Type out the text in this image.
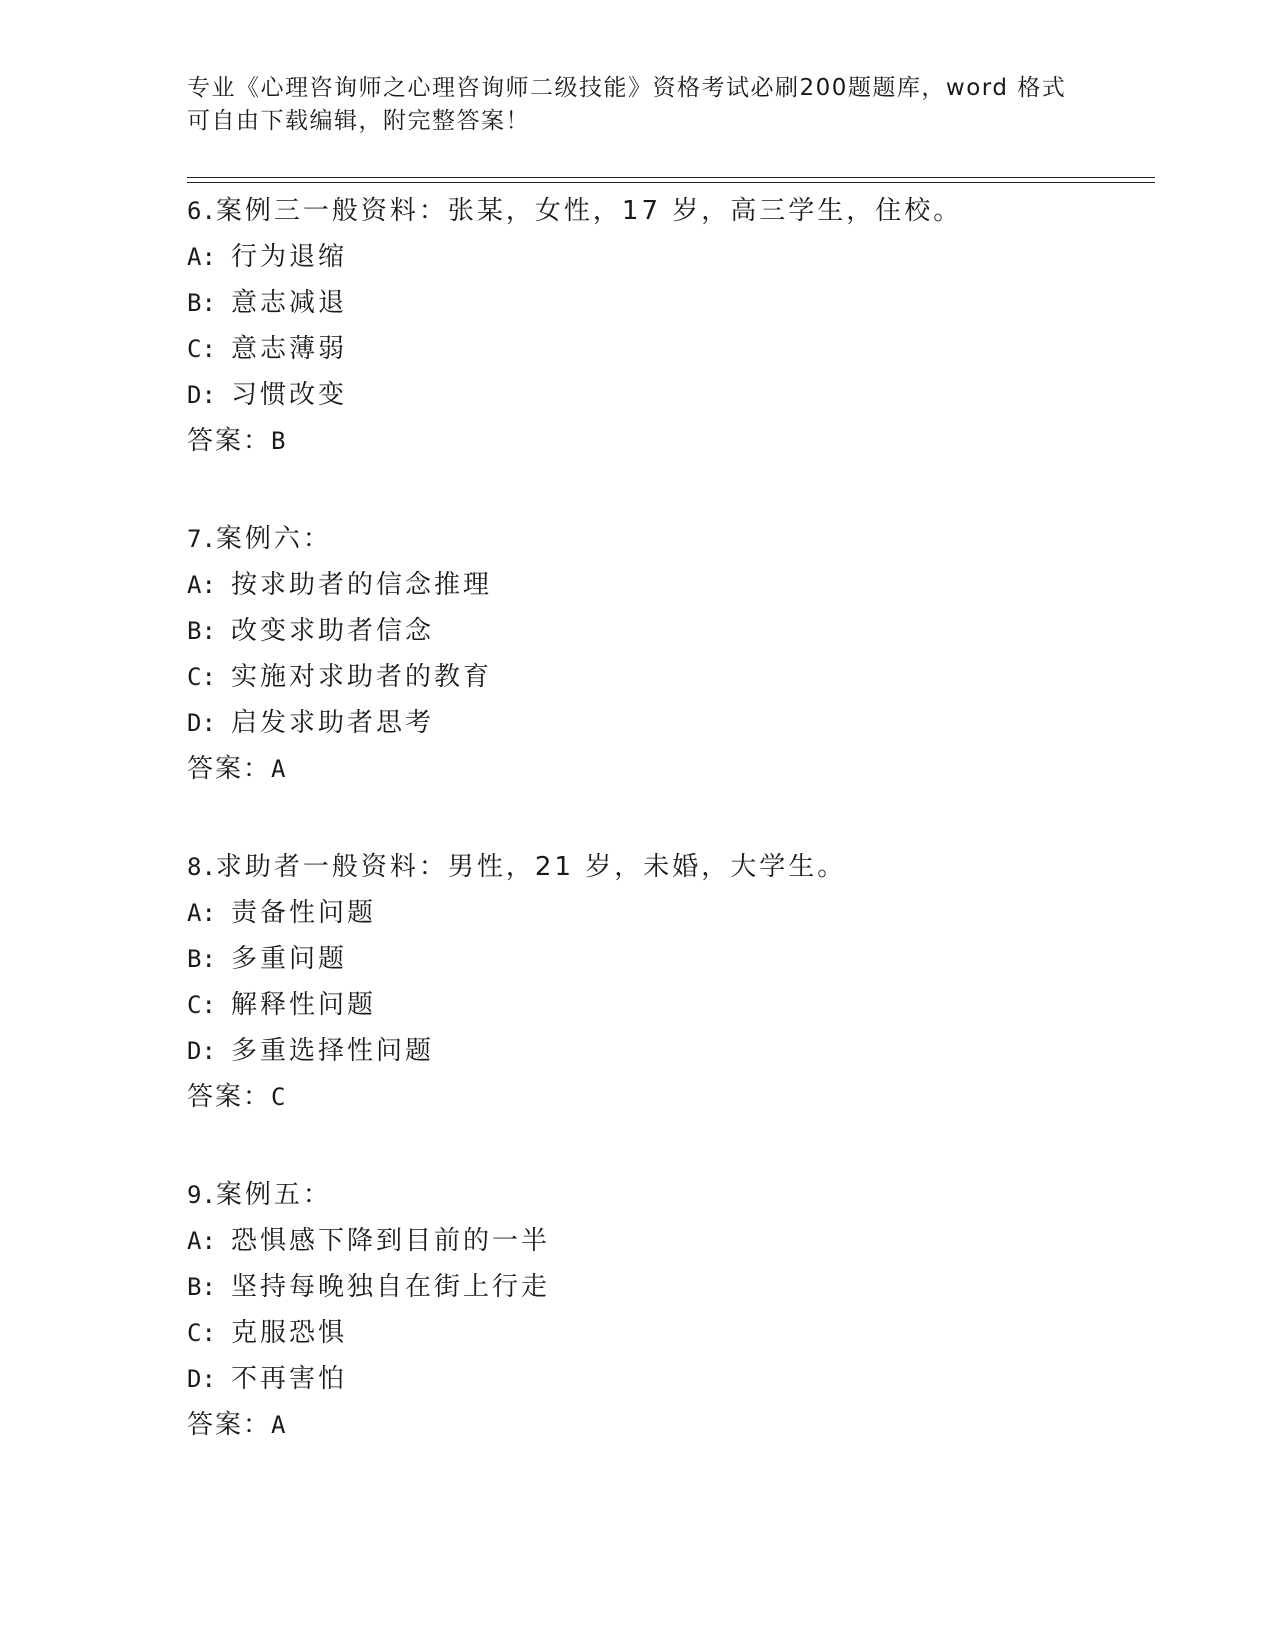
专业《心理咨询师之心理咨询师二级技能》资格考试必刷200题题库，word 格式
可自由下载编辑，附完整答案！
6.案例三一般资料：张某，女性，17 岁，高三学生，住校。
A: 行为退缩
B: 意志减退
C: 意志薄弱
D: 习惯改变
答案：B
7.案例六：
A: 按求助者的信念推理
B: 改变求助者信念
C: 实施对求助者的教育
D: 启发求助者思考
答案：A
8.求助者一般资料：男性，21 岁，未婚，大学生。
A: 责备性问题
B: 多重问题
C: 解释性问题
D: 多重选择性问题
答案：C
9.案例五：
A: 恐惧感下降到目前的一半
B: 坚持每晚独自在街上行走
C: 克服恐惧
D: 不再害怕
答案：A
